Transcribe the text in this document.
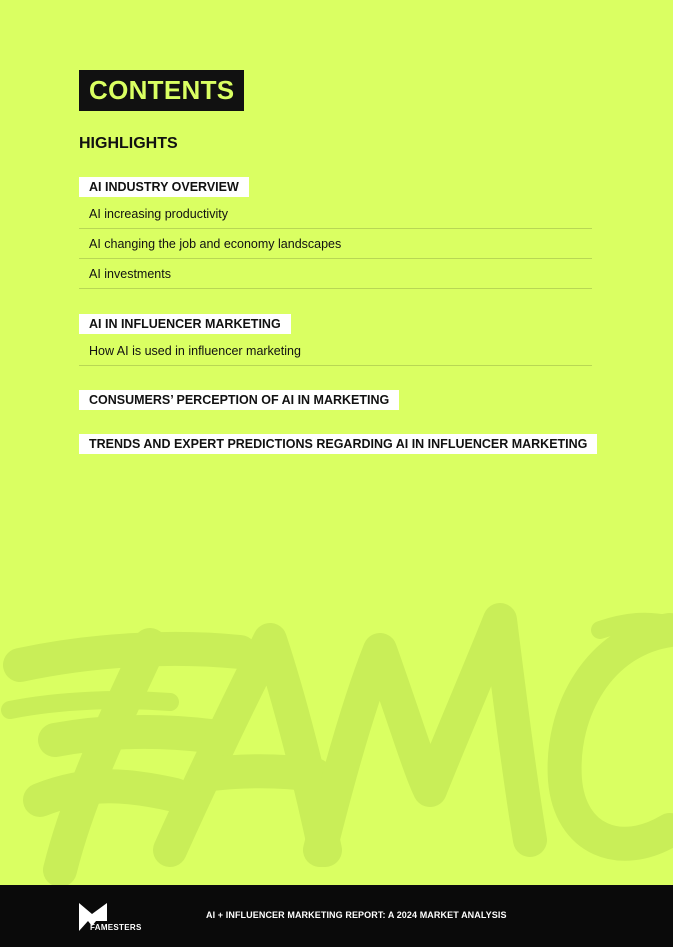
CONTENTS
HIGHLIGHTS
AI INDUSTRY OVERVIEW
AI increasing productivity
AI changing the job and economy landscapes
AI investments
AI IN INFLUENCER MARKETING
How AI is used in influencer marketing
CONSUMERS’ PERCEPTION OF AI IN MARKETING
TRENDS AND EXPERT PREDICTIONS REGARDING AI IN INFLUENCER MARKETING
FAMESTERS
AI + INFLUENCER MARKETING REPORT: A 2024 MARKET ANALYSIS
